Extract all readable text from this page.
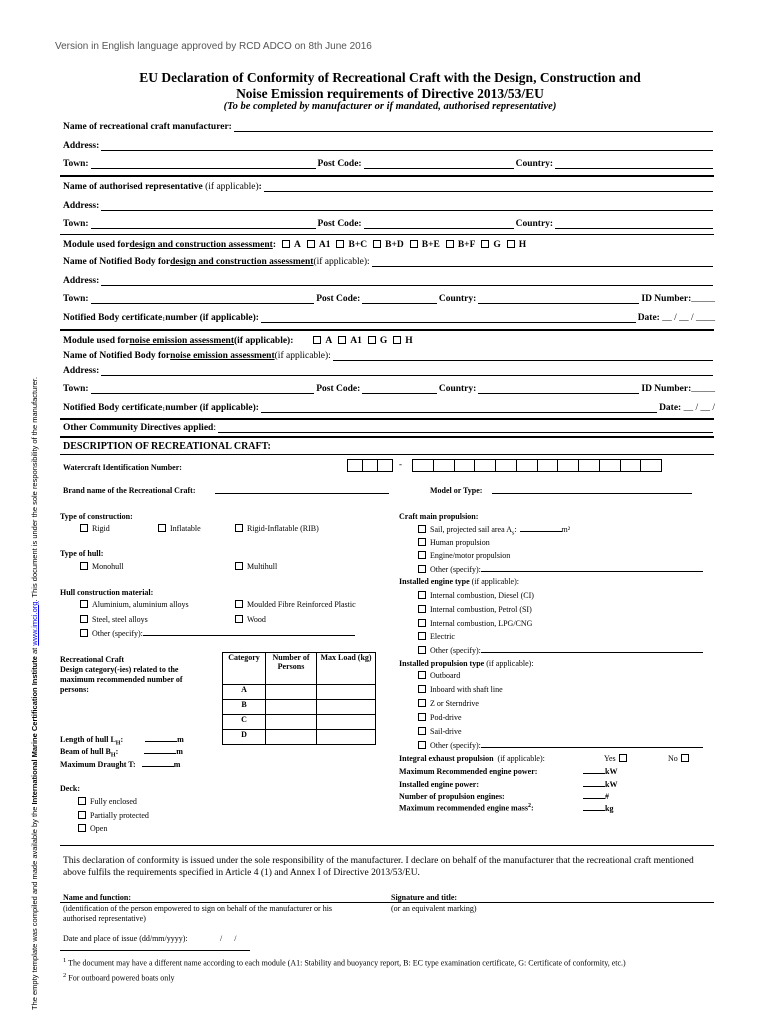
Version in English language approved by RCD ADCO on 8th June 2016
EU Declaration of Conformity of Recreational Craft with the Design, Construction and
Noise Emission requirements of Directive 2013/53/EU
(To be completed by manufacturer or if mandated, authorised representative)
The empty template was compiled and made available by the International Marine Certification Institute at www.imci.org. This document is under the sole responsibility of the manufacturer.
Name of recreational craft manufacturer:
Address:
Town:	Post Code:	Country:
Name of authorised representative
(if applicable) :
Address:
Town:	Post Code:	Country:
Module used for design and construction assessment :	A A1 B+C B+D B+E B+F G H
Name of Notified Body for design and construction assessment (if applicable):
Address:
Town:	Post Code:	Country:	ID Number: _____
Notified Body certificate$_1$ number (if applicable):	Date:
__ / __ / ____
Module used for noise emission assessment (if applicable):	A A1 G H
Name of Notified Body for noise emission assessment (if applicable):
Address:
Town:	Post Code:	Country:	ID Number: _____
Notified Body certificate$_1$ number (if applicable):	Date:
__ / __ /
Other Community Directives applied :
DESCRIPTION OF RECREATIONAL CRAFT:
Watercraft Identification Number:	-
Brand name of the Recreational Craft:	Model or Type:
Type of construction:
Rigid	Inflatable	Rigid-Inflatable (RIB)
Type of hull:
Monohull	Multihull
Hull construction material:
Aluminium, aluminium alloys	Moulded Fibre Reinforced Plastic
Steel, steel alloys	Wood
Other (specify):
Recreational Craft
Design category(-ies) related to the
maximum recommended number of
persons:
Category	Number of Persons	Max Load (kg)
A		
B		
C		
D		
Length of hull $L_H$:	m
Beam of hull $B_H$:	m
Maximum Draught T:	m
Deck:
Fully enclosed
Partially protected
Open
Craft main propulsion:
Sail, projected sail area $A_s$:	m²
Human propulsion
Engine/motor propulsion
Other (specify):
Installed engine type (if applicable):
Internal combustion, Diesel (CI)
Internal combustion, Petrol (SI)
Internal combustion, LPG/CNG
Electric
Other (specify):
Installed propulsion type (if applicable):
Outboard
Inboard with shaft line
Z or Sterndrive
Pod-drive
Sail-drive
Other (specify):
Integral exhaust propulsion (if applicable):	Yes	No
Maximum Recommended engine power:	kW
Installed engine power:	kW
Number of propulsion engines:	#
Maximum recommended engine mass$^2$:	kg
This declaration of conformity is issued under the sole responsibility of the manufacturer. I declare on behalf of the manufacturer that the recreational craft mentioned above fulfils the requirements specified in Article 4 (1) and Annex I of Directive 2013/53/EU.
Name and function:	Signature and title:
(identification of the person empowered to sign on behalf of the manufacturer or his authorised representative)
(or an equivalent marking)
Date and place of issue (dd/mm/yyyy):	/      /
$^1$ The document may have a different name according to each module (A1: Stability and buoyancy report, B: EC type examination certificate, G: Certificate of conformity, etc.)
$^2$ For outboard powered boats only
